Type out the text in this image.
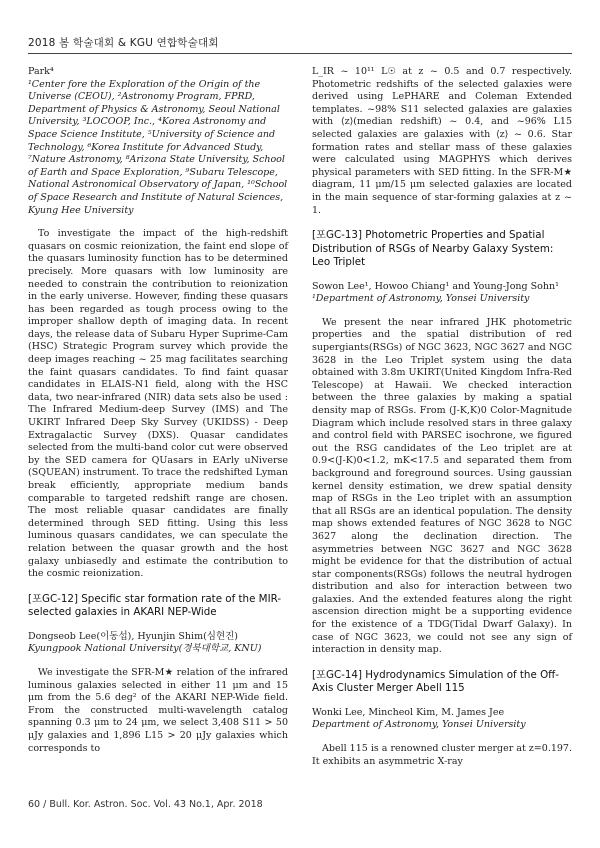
2018 봄 학술대회 & KGU 연합학술대회

Park⁴

¹Center fore the Exploration of the Origin of the Universe (CEOU), ²Astronomy Program, FPRD, Department of Physics & Astronomy, Seoul National University, ³LOCOOP, Inc., ⁴Korea Astronomy and Space Science Institute, ⁵University of Science and Technology, ⁶Korea Institute for Advanced Study, ⁷Nature Astronomy, ⁸Arizona State University, School of Earth and Space Exploration, ⁹Subaru Telescope, National Astronomical Observatory of Japan, ¹⁰School of Space Research and Institute of Natural Sciences, Kyung Hee University

To investigate the impact of the high-redshift quasars on cosmic reionization, the faint end slope of the quasars luminosity function has to be determined precisely. More quasars with low luminosity are needed to constrain the contribution to reionization in the early universe. However, finding these quasars has been regarded as tough process owing to the improper shallow depth of imaging data. In recent days, the release data of Subaru Hyper Suprime-Cam (HSC) Strategic Program survey which provide the deep images reaching ~ 25 mag facilitates searching the faint quasars candidates. To find faint quasar candidates in ELAIS-N1 field, along with the HSC data, two near-infrared (NIR) data sets also be used : The Infrared Medium-deep Survey (IMS) and The UKIRT Infrared Deep Sky Survey (UKIDSS) - Deep Extragalactic Survey (DXS). Quasar candidates selected from the multi-band color cut were observed by the SED camera for QUasars in EArly uNiverse (SQUEAN) instrument. To trace the redshifted Lyman break efficiently, appropriate medium bands comparable to targeted redshift range are chosen. The most reliable quasar candidates are finally determined through SED fitting. Using this less luminous quasars candidates, we can speculate the relation between the quasar growth and the host galaxy unbiasedly and estimate the contribution to the cosmic reionization.

[포GC-12] Specific star formation rate of the MIR-selected galaxies in AKARI NEP-Wide

Dongseob Lee(이동섭), Hyunjin Shim(심현진)

Kyungpook National University(경북대학교, KNU)

We investigate the SFR-M★ relation of the infrared luminous galaxies selected in either 11 μm and 15 μm from the 5.6 deg² of the AKARI NEP-Wide field. From the constructed multi-wavelength catalog spanning 0.3 μm to 24 μm, we select 3,408 S11 > 50 μJy galaxies and 1,896 L15 > 20 μJy galaxies which corresponds to

L_IR ~ 10¹¹ L☉ at z ~ 0.5 and 0.7 respectively. Photometric redshifts of the selected galaxies were derived using LePHARE and Coleman Extended templates. ~98% S11 selected galaxies are galaxies with ⟨z⟩(median redshift) ~ 0.4, and ~96% L15 selected galaxies are galaxies with ⟨z⟩ ~ 0.6. Star formation rates and stellar mass of these galaxies were calculated using MAGPHYS which derives physical parameters with SED fitting. In the SFR-M★ diagram, 11 μm/15 μm selected galaxies are located in the main sequence of star-forming galaxies at z ~ 1.

[포GC-13] Photometric Properties and Spatial Distribution of RSGs of Nearby Galaxy System: Leo Triplet

Sowon Lee¹, Howoo Chiang¹ and Young-Jong Sohn¹

¹Department of Astronomy, Yonsei University

We present the near infrared JHK photometric properties and the spatial distribution of red supergiants(RSGs) of NGC 3623, NGC 3627 and NGC 3628 in the Leo Triplet system using the data obtained with 3.8m UKIRT(United Kingdom Infra-Red Telescope) at Hawaii. We checked interaction between the three galaxies by making a spatial density map of RSGs. From (J-K,K)0 Color-Magnitude Diagram which include resolved stars in three galaxy and control field with PARSEC isochrone, we figured out the RSG candidates of the Leo triplet are at 0.9<(J-K)0<1.2, mK<17.5 and separated them from background and foreground sources. Using gaussian kernel density estimation, we drew spatial density map of RSGs in the Leo triplet with an assumption that all RSGs are an identical population. The density map shows extended features of NGC 3628 to NGC 3627 along the declination direction. The asymmetries between NGC 3627 and NGC 3628 might be evidence for that the distribution of actual star components(RSGs) follows the neutral hydrogen distribution and also for interaction between two galaxies. And the extended features along the right ascension direction might be a supporting evidence for the existence of a TDG(Tidal Dwarf Galaxy). In case of NGC 3623, we could not see any sign of interaction in density map.

[포GC-14] Hydrodynamics Simulation of the Off-Axis Cluster Merger Abell 115

Wonki Lee, Mincheol Kim, M. James Jee

Department of Astronomy, Yonsei University

Abell 115 is a renowned cluster merger at z=0.197. It exhibits an asymmetric X-ray

60 / Bull. Kor. Astron. Soc. Vol. 43 No.1, Apr. 2018
